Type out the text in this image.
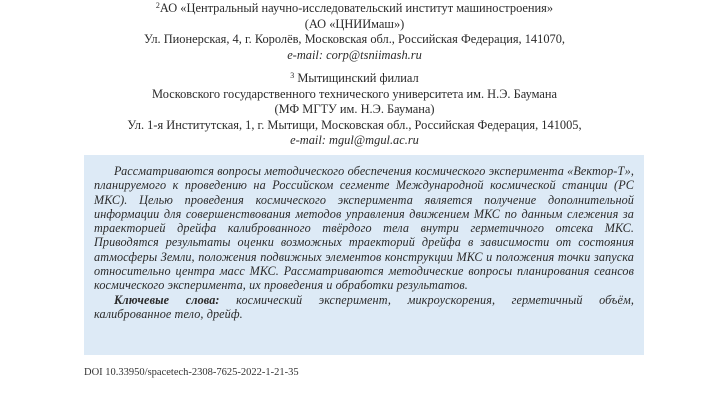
$^2$АО «Центральный научно-исследовательский институт машиностроения»
(АО «ЦНИИмаш»)
Ул. Пионерская, 4, г. Королёв, Московская обл., Российская Федерация, 141070,
e-mail: corp@tsniimash.ru
$^3$ Мытищинский филиал
Московского государственного технического университета им. Н.Э. Баумана
(МФ МГТУ им. Н.Э. Баумана)
Ул. 1-я Институтская, 1, г. Мытищи, Московская обл., Российская Федерация, 141005,
e-mail: mgul@mgul.ac.ru

Рассматриваются вопросы методического обеспечения космического эксперимента «Вектор-Т», планируемого к проведению на Российском сегменте Международной космической станции (РС МКС). Целью проведения космического эксперимента является получение дополнительной информации для совершенствования методов управления движением МКС по данным слежения за траекторией дрейфа калиброванного твёрдого тела внутри герметичного отсека МКС. Приводятся результаты оценки возможных траекторий дрейфа в зависимости от состояния атмосферы Земли, положения подвижных элементов конструкции МКС и положения точки запуска относительно центра масс МКС. Рассматриваются методические вопросы планирования сеансов космического эксперимента, их проведения и обработки результатов.

Ключевые слова: космический эксперимент, микроускорения, герметичный объём, калиброванное тело, дрейф.

DOI 10.33950/spacetech-2308-7625-2022-1-21-35
